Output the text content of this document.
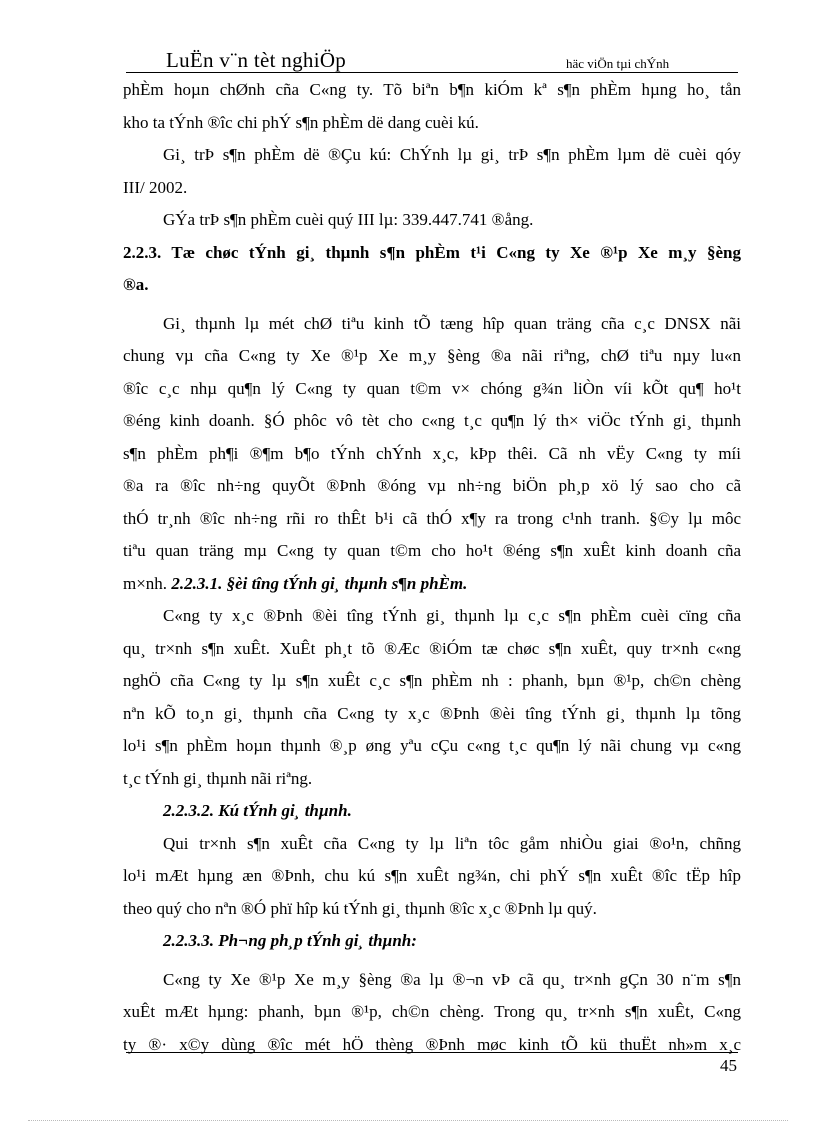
LuËn v¨n tèt nghiÖp	häc viÖn tµi chÝnh
phÈm hoµn chØnh cña C«ng ty. Tõ biªn b¶n kiÓm kª s¶n phÈm hµng ho¸ tån
kho ta tÝnh ®îc chi phÝ s¶n phÈm dë dang cuèi kú.
Gi¸ trÞ s¶n phÈm dë ®Çu kú: ChÝnh lµ gi¸ trÞ s¶n phÈm lµm dë cuèi qóy
III/ 2002.
GÝa trÞ s¶n phÈm cuèi quý III lµ: 339.447.741 ®ång.
2.2.3. Tæ chøc tÝnh gi¸ thµnh s¶n phÈm t¹i C«ng ty Xe ®¹p Xe m¸y §èng
®a.
Gi¸ thµnh lµ mét chØ tiªu kinh tÕ tæng hîp quan träng cña c¸c DNSX nãi
chung vµ cña C«ng ty Xe ®¹p Xe m¸y §èng ®a nãi riªng, chØ tiªu nµy lu«n
®îc c¸c nhµ qu¶n lý C«ng ty quan t©m v× chóng g¾n liÒn víi kÕt qu¶ ho¹t
®éng kinh doanh. §Ó phôc vô tèt cho c«ng t¸c qu¶n lý th× viÖc tÝnh gi¸ thµnh
s¶n phÈm ph¶i ®¶m b¶o tÝnh chÝnh x¸c, kÞp thêi. Cã nh vËy C«ng ty míi
®a ra ®îc nh÷ng quyÕt ®Þnh ®óng vµ nh÷ng biÖn ph¸p xö lý sao cho cã
thÓ tr¸nh ®îc nh÷ng rñi ro thÊt b¹i cã thÓ x¶y ra trong c¹nh tranh. §©y lµ môc
tiªu quan träng mµ C«ng ty quan t©m cho ho¹t ®éng s¶n xuÊt kinh doanh cña
m×nh. 2.2.3.1. §èi tîng tÝnh gi¸ thµnh s¶n phÈm.
C«ng ty x¸c ®Þnh ®èi tîng tÝnh gi¸ thµnh lµ c¸c s¶n phÈm cuèi cïng cña
qu¸ tr×nh s¶n xuÊt. XuÊt ph¸t tõ ®Æc ®iÓm tæ chøc s¶n xuÊt, quy tr×nh c«ng
nghÖ cña C«ng ty lµ s¶n xuÊt c¸c s¶n phÈm nh : phanh, bµn ®¹p, ch©n chèng
nªn kÕ to¸n gi¸ thµnh cña C«ng ty x¸c ®Þnh ®èi tîng tÝnh gi¸ thµnh lµ tõng
lo¹i s¶n phÈm hoµn thµnh ®¸p øng yªu cÇu c«ng t¸c qu¶n lý nãi chung vµ c«ng
t¸c tÝnh gi¸ thµnh nãi riªng.
2.2.3.2. Kú tÝnh gi¸ thµnh.
Qui tr×nh s¶n xuÊt cña C«ng ty lµ liªn tôc gåm nhiÒu giai ®o¹n, chñng
lo¹i mÆt hµng æn ®Þnh, chu kú s¶n xuÊt ng¾n, chi phÝ s¶n xuÊt ®îc tËp hîp
theo quý cho nªn ®Ó phï hîp kú tÝnh gi¸ thµnh ®îc x¸c ®Þnh lµ quý.
2.2.3.3. Ph¬ng ph¸p tÝnh gi¸ thµnh:
C«ng ty Xe ®¹p Xe m¸y §èng ®a lµ ®¬n vÞ cã qu¸ tr×nh gÇn 30 n¨m s¶n
xuÊt mÆt hµng: phanh, bµn ®¹p, ch©n chèng. Trong qu¸ tr×nh s¶n xuÊt, C«ng
ty ®· x©y dùng ®îc mét hÖ thèng ®Þnh møc kinh tÕ kü thuËt nh»m x¸c
45
